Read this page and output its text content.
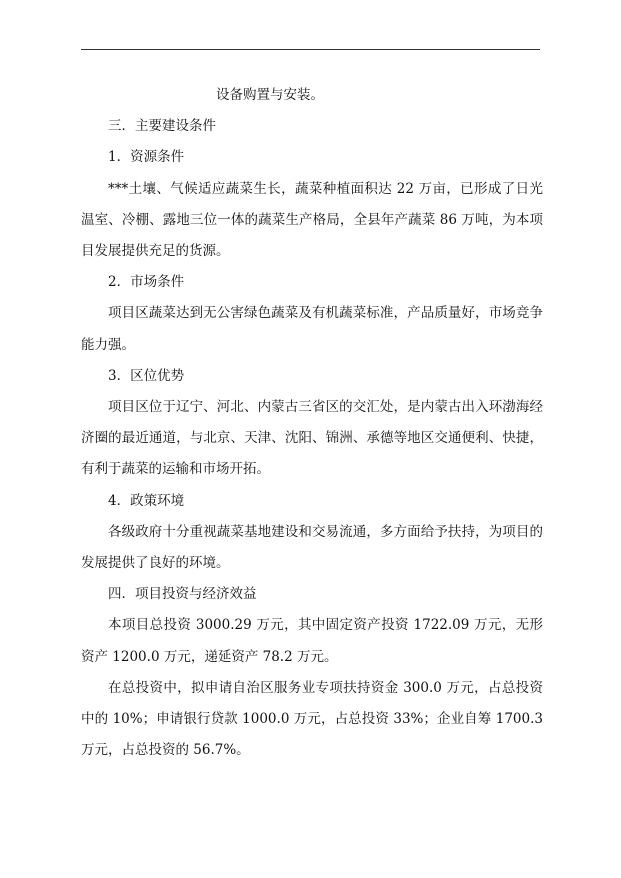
设备购置与安装。

三．主要建设条件

1．资源条件

***土壤、气候适应蔬菜生长，蔬菜种植面积达 22 万亩，已形成了日光温室、冷棚、露地三位一体的蔬菜生产格局，全县年产蔬菜 86 万吨，为本项目发展提供充足的货源。

2．市场条件

项目区蔬菜达到无公害绿色蔬菜及有机蔬菜标准，产品质量好，市场竞争能力强。

3．区位优势

项目区位于辽宁、河北、内蒙古三省区的交汇处，是内蒙古出入环渤海经济圈的最近通道，与北京、天津、沈阳、锦洲、承德等地区交通便利、快捷，有利于蔬菜的运输和市场开拓。

4．政策环境

各级政府十分重视蔬菜基地建设和交易流通，多方面给予扶持，为项目的发展提供了良好的环境。

四．项目投资与经济效益

本项目总投资 3000.29 万元，其中固定资产投资 1722.09 万元，无形资产 1200.0 万元，递延资产 78.2 万元。

在总投资中，拟申请自治区服务业专项扶持资金 300.0 万元，占总投资中的 10%；申请银行贷款 1000.0 万元，占总投资 33%；企业自筹 1700.3 万元，占总投资的 56.7%。
